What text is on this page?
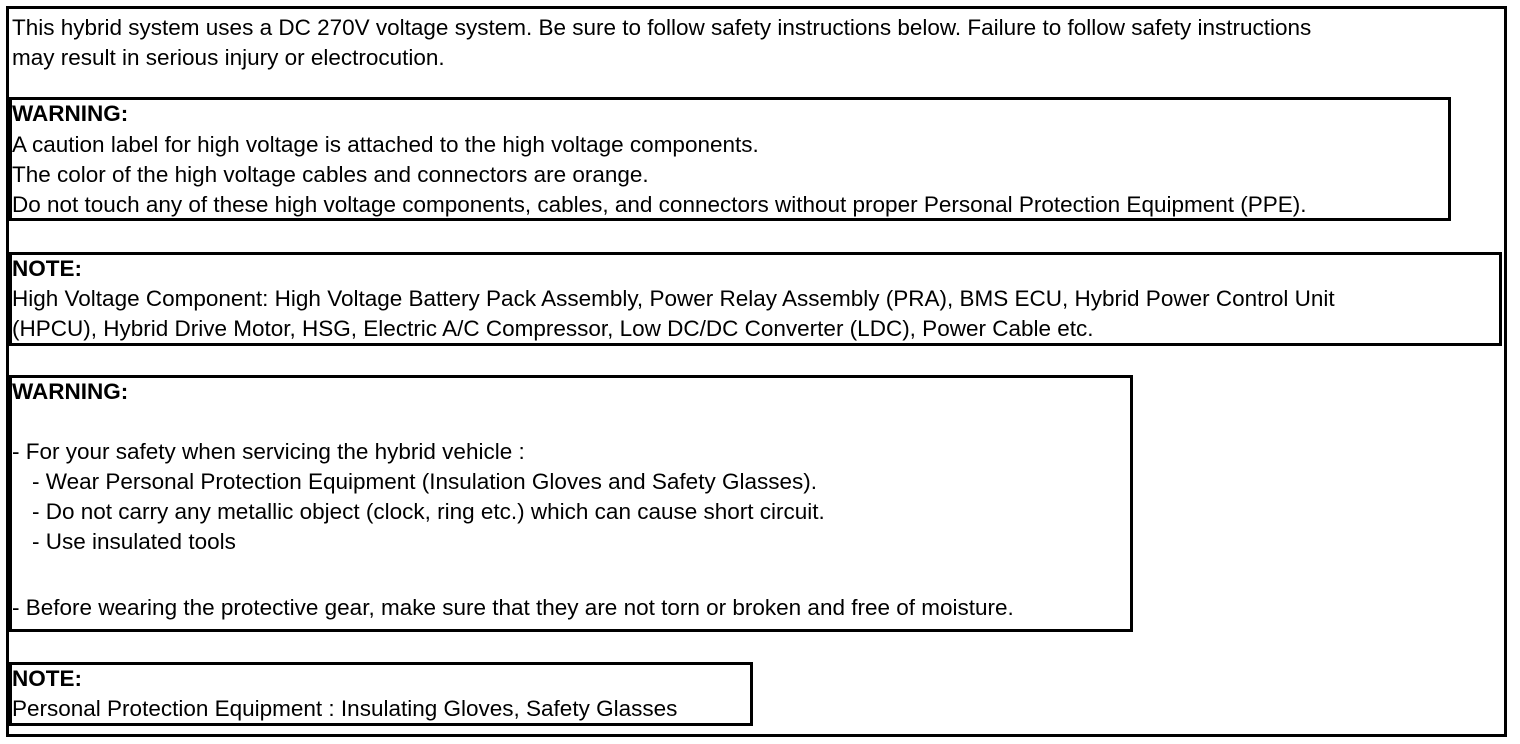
This hybrid system uses a DC 270V voltage system. Be sure to follow safety instructions below. Failure to follow safety instructions

may result in serious injury or electrocution.

WARNING:

A caution label for high voltage is attached to the high voltage components.

The color of the high voltage cables and connectors are orange.

Do not touch any of these high voltage components, cables, and connectors without proper Personal Protection Equipment (PPE).

NOTE:

High Voltage Component: High Voltage Battery Pack Assembly, Power Relay Assembly (PRA), BMS ECU, Hybrid Power Control Unit

(HPCU), Hybrid Drive Motor, HSG, Electric A/C Compressor, Low DC/DC Converter (LDC), Power Cable etc.

WARNING:

- For your safety when servicing the hybrid vehicle :

- Wear Personal Protection Equipment (Insulation Gloves and Safety Glasses).

- Do not carry any metallic object (clock, ring etc.) which can cause short circuit.

- Use insulated tools

- Before wearing the protective gear, make sure that they are not torn or broken and free of moisture.

NOTE:

Personal Protection Equipment : Insulating Gloves, Safety Glasses
